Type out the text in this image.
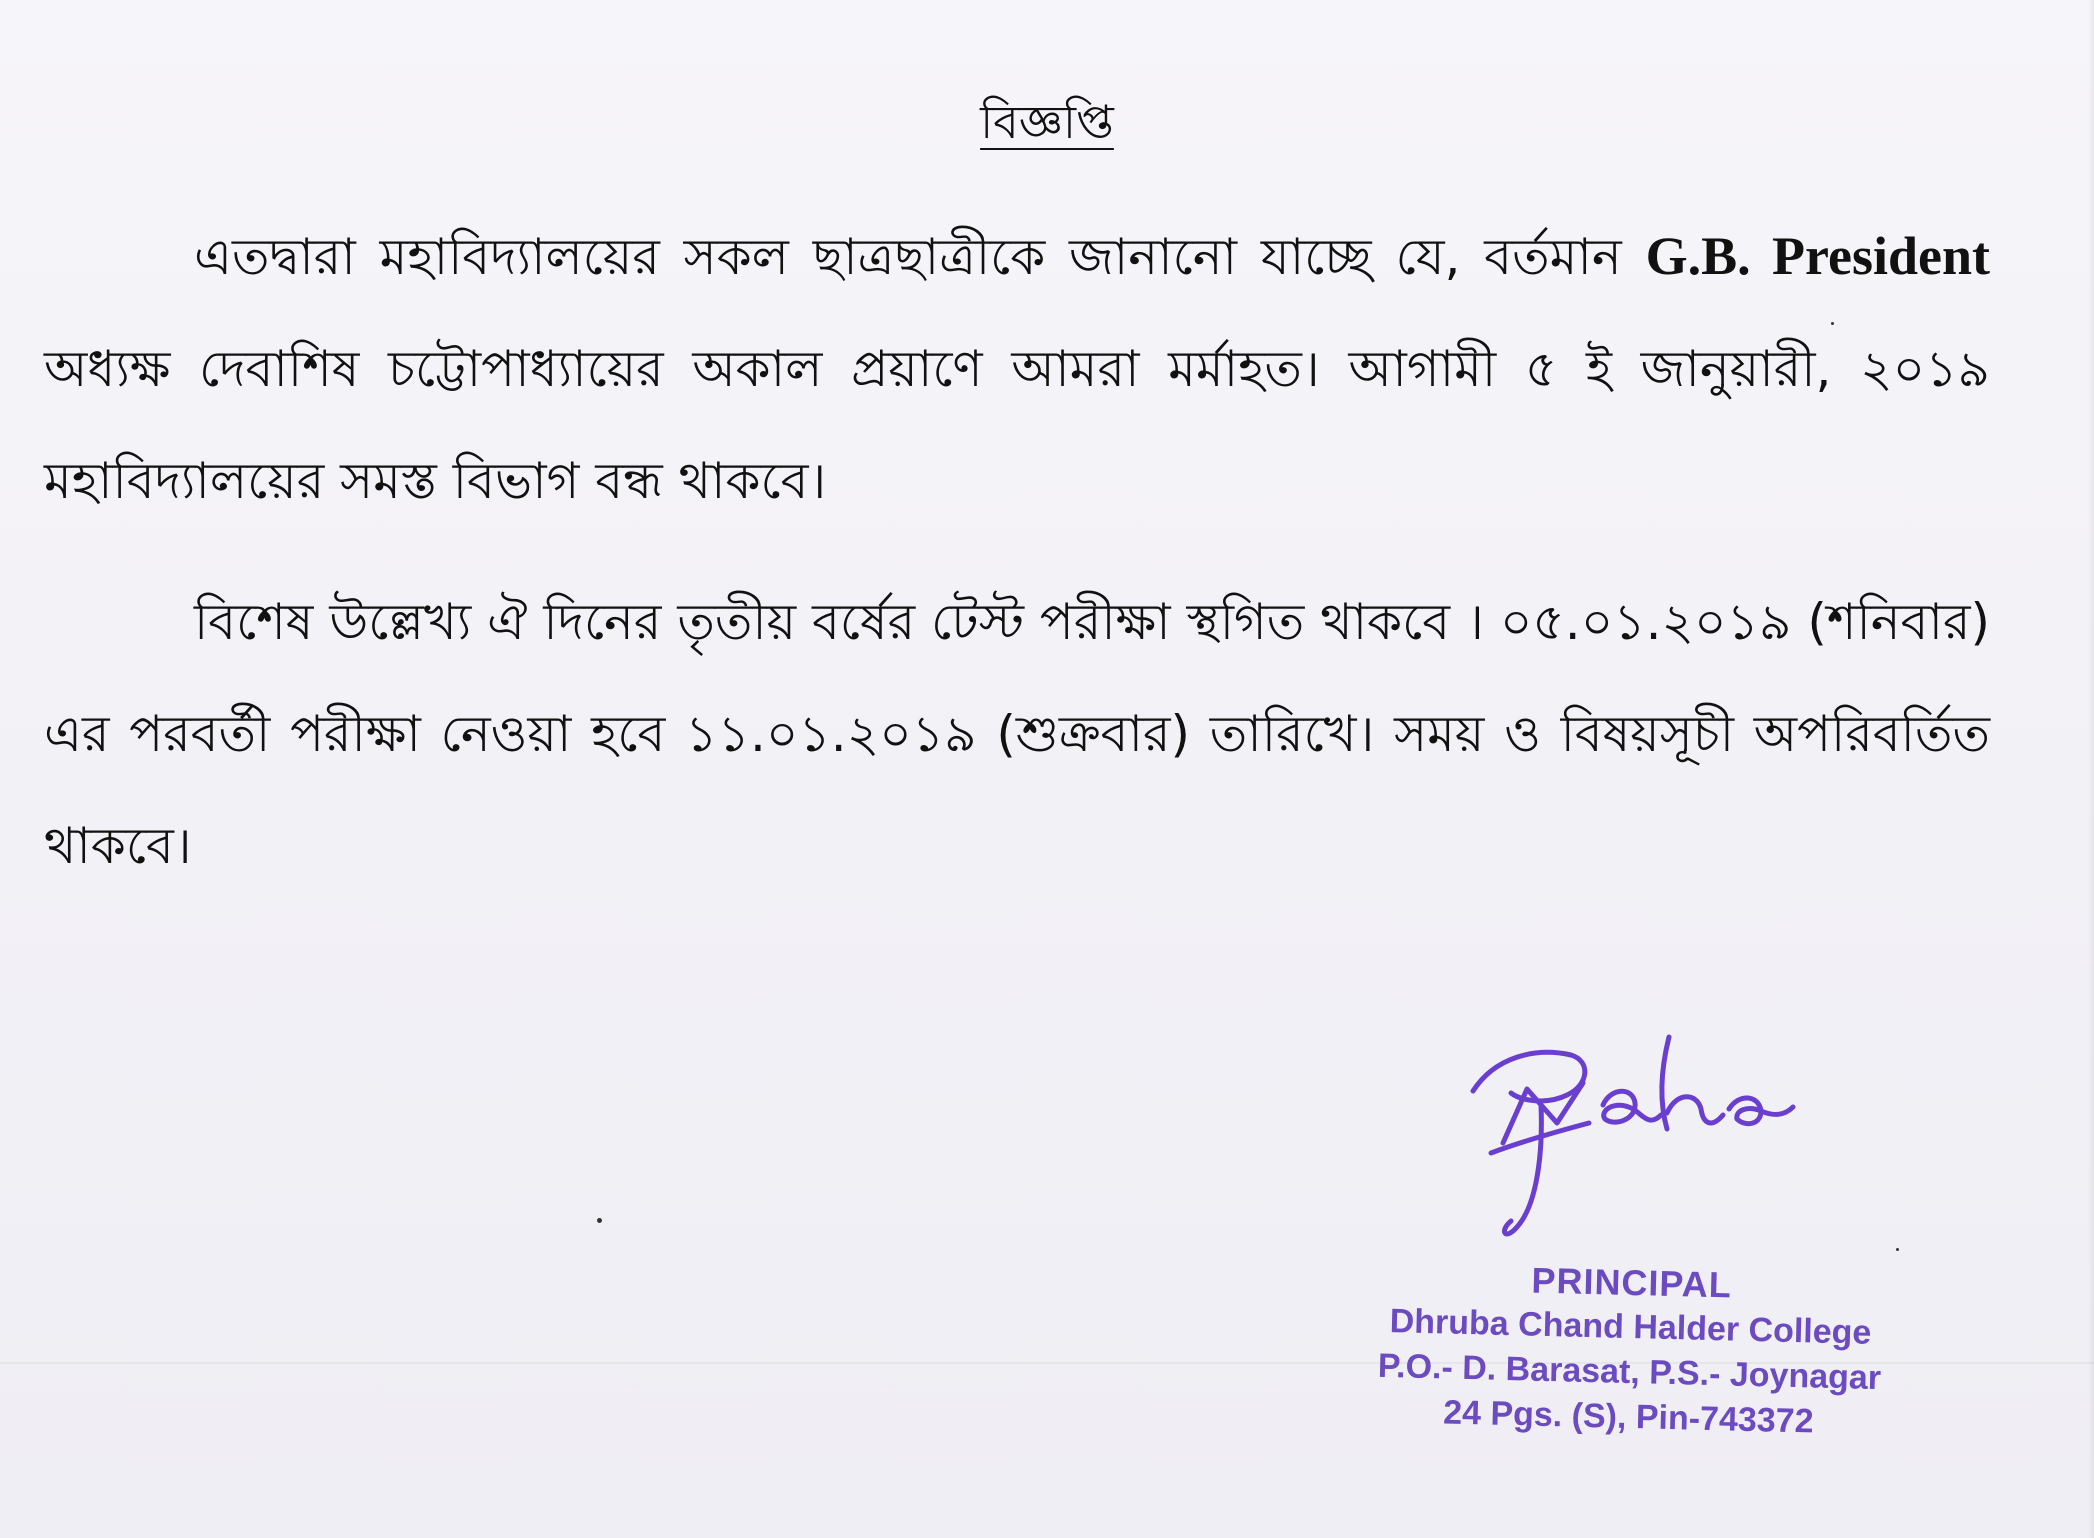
বিজ্ঞপ্তি
এতদ্বারা মহাবিদ্যালয়ের সকল ছাত্রছাত্রীকে জানানো যাচ্ছে যে, বর্তমান G.B. President অধ্যক্ষ দেবাশিষ চট্টোপাধ্যায়ের অকাল প্রয়াণে আমরা মর্মাহত। আগামী ৫ ই জানুয়ারী, ২০১৯ মহাবিদ্যালয়ের সমস্ত বিভাগ বন্ধ থাকবে।
বিশেষ উল্লেখ্য ঐ দিনের তৃতীয় বর্ষের টেস্ট পরীক্ষা স্থগিত থাকবে । ০৫.০১.২০১৯ (শনিবার) এর পরবর্তী পরীক্ষা নেওয়া হবে ১১.০১.২০১৯ (শুক্রবার) তারিখে। সময় ও বিষয়সূচী অপরিবর্তিত থাকবে।
PRINCIPAL
Dhruba Chand Halder College
P.O.- D. Barasat, P.S.- Joynagar
24 Pgs. (S), Pin-743372
